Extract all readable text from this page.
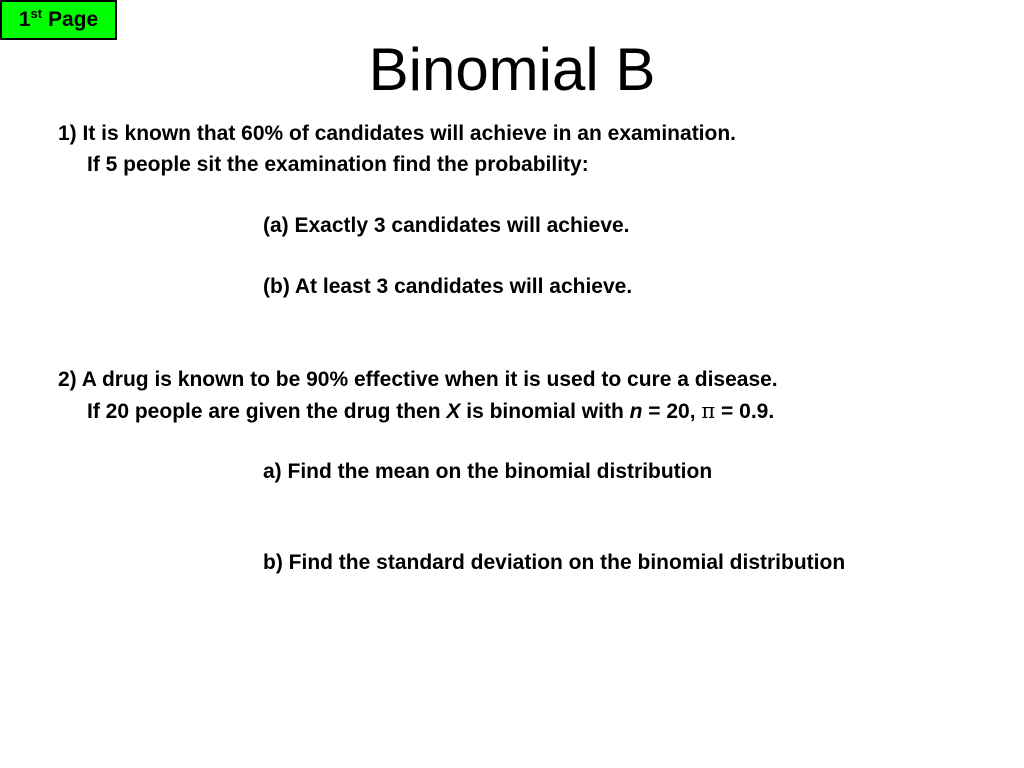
1st Page
Binomial B
1) It is known that 60% of candidates will achieve in an examination.
If 5 people sit the examination find the probability:
(a) Exactly 3 candidates will achieve.
(b) At least 3 candidates will achieve.
2) A drug is known to be 90% effective when it is used to cure a disease.
If 20 people are given the drug then X is binomial with n = 20, π = 0.9.
a) Find the mean on the binomial distribution
b) Find the standard deviation on the binomial distribution
